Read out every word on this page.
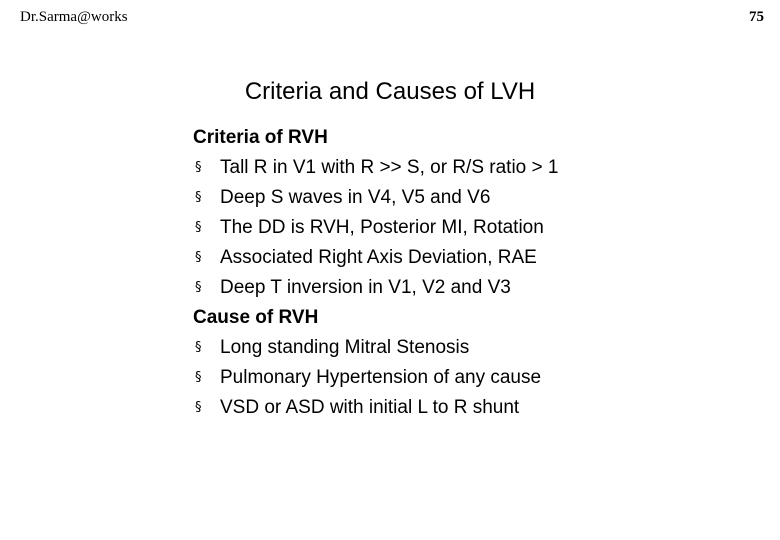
Dr.Sarma@works	75
Criteria and Causes of LVH
Criteria of RVH
§ Tall R in V1 with R >> S, or R/S ratio > 1
§ Deep S waves in V4, V5 and V6
§ The DD is RVH, Posterior MI, Rotation
§ Associated Right Axis Deviation, RAE
§ Deep T inversion in V1, V2 and V3
Cause of RVH
§ Long standing Mitral Stenosis
§ Pulmonary Hypertension of any cause
§ VSD or ASD with initial L to R shunt
